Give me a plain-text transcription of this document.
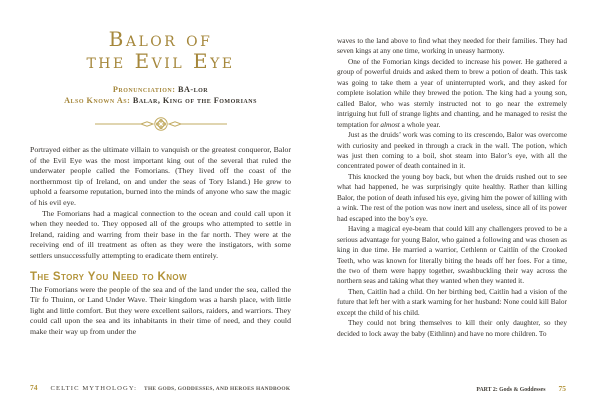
Balor of
the Evil Eye
Pronunciation: BA-lor
Also Known As: Balar, King of the Fomorians

Portrayed either as the ultimate villain to vanquish or the greatest conqueror, Balor of the Evil Eye was the most important king out of the several that ruled the underwater people called the Fomorians. (They lived off the coast of the northernmost tip of Ireland, on and under the seas of Tory Island.) He grew to uphold a fearsome reputation, burned into the minds of anyone who saw the magic of his evil eye.

The Fomorians had a magical connection to the ocean and could call upon it when they needed to. They opposed all of the groups who attempted to settle in Ireland, raiding and warring from their base in the far north. They were at the receiving end of ill treatment as often as they were the instigators, with some settlers unsuccessfully attempting to eradicate them entirely.

The Story You Need to Know

The Fomorians were the people of the sea and of the land under the sea, called the Tír fo Thuinn, or Land Under Wave. Their kingdom was a harsh place, with little light and little comfort. But they were excellent sailors, raiders, and warriors. They could call upon the sea and its inhabitants in their time of need, and they could make their way up from under the

waves to the land above to find what they needed for their families. They had seven kings at any one time, working in uneasy harmony.

One of the Fomorian kings decided to increase his power. He gathered a group of powerful druids and asked them to brew a potion of death. This task was going to take them a year of uninterrupted work, and they asked for complete isolation while they brewed the potion. The king had a young son, called Balor, who was sternly instructed not to go near the extremely intriguing hut full of strange lights and chanting, and he managed to resist the temptation for almost a whole year.

Just as the druids’ work was coming to its crescendo, Balor was overcome with curiosity and peeked in through a crack in the wall. The potion, which was just then coming to a boil, shot steam into Balor’s eye, with all the concentrated power of death contained in it.

This knocked the young boy back, but when the druids rushed out to see what had happened, he was surprisingly quite healthy. Rather than killing Balor, the potion of death infused his eye, giving him the power of killing with a wink. The rest of the potion was now inert and useless, since all of its power had escaped into the boy’s eye.

Having a magical eye-beam that could kill any challengers proved to be a serious advantage for young Balor, who gained a following and was chosen as king in due time. He married a warrior, Cethlenn or Caitlín of the Crooked Teeth, who was known for literally biting the heads off her foes. For a time, the two of them were happy together, swashbuckling their way across the northern seas and taking what they wanted when they wanted it.

Then, Caitlín had a child. On her birthing bed, Caitlín had a vision of the future that left her with a stark warning for her husband: None could kill Balor except the child of his child.

They could not bring themselves to kill their only daughter, so they decided to lock away the baby (Eithlinn) and have no more children. To

74 CELTIC MYTHOLOGY: THE GODS, GODDESSES, AND HEROES HANDBOOK	PART 2: Gods & Goddesses 75
